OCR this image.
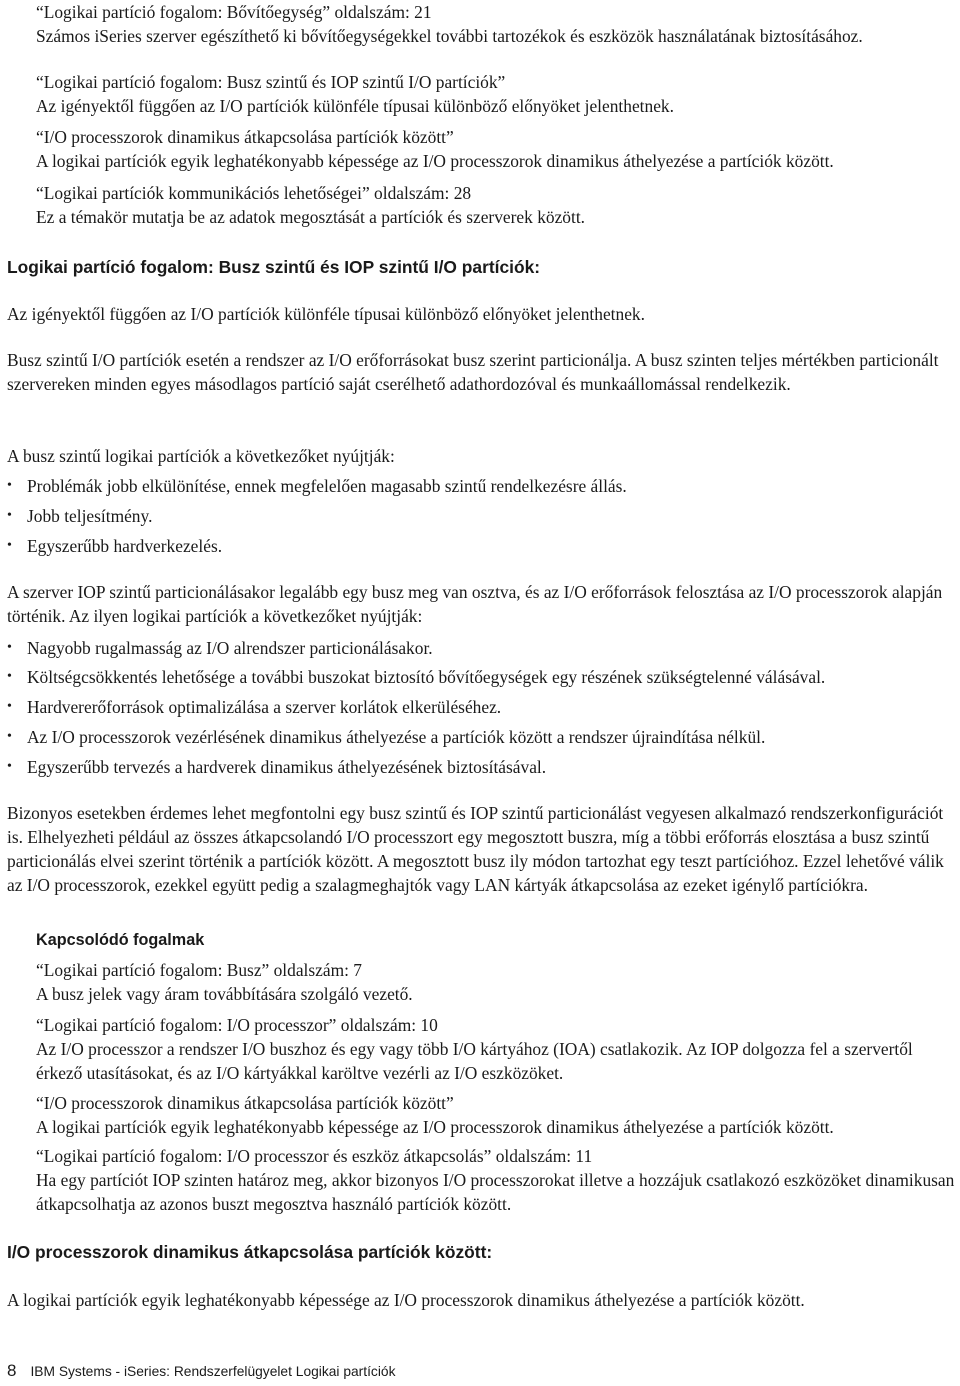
“Logikai partíció fogalom: Bővítőegység” oldalszám: 21
Számos iSeries szerver egészíthető ki bővítőegységekkel további tartozékok és eszközök használatának biztosításához.
“Logikai partíció fogalom: Busz szintű és IOP szintű I/O partíciók”
Az igényektől függően az I/O partíciók különféle típusai különböző előnyöket jelenthetnek.
“I/O processzorok dinamikus átkapcsolása partíciók között”
A logikai partíciók egyik leghatékonyabb képessége az I/O processzorok dinamikus áthelyezése a partíciók között.
“Logikai partíciók kommunikációs lehetőségei” oldalszám: 28
Ez a témakör mutatja be az adatok megosztását a partíciók és szerverek között.
Logikai partíció fogalom: Busz szintű és IOP szintű I/O partíciók:

Az igényektől függően az I/O partíciók különféle típusai különböző előnyöket jelenthetnek.

Busz szintű I/O partíciók esetén a rendszer az I/O erőforrásokat busz szerint particionálja. A busz szinten teljes mértékben particionált szervereken minden egyes másodlagos partíció saját cserélhető adathordozóval és munkaállomással rendelkezik.

A busz szintű logikai partíciók a következőket nyújtják:

• Problémák jobb elkülönítése, ennek megfelelően magasabb szintű rendelkezésre állás.
• Jobb teljesítmény.
• Egyszerűbb hardverkezelés.

A szerver IOP szintű particionálásakor legalább egy busz meg van osztva, és az I/O erőforrások felosztása az I/O processzorok alapján történik. Az ilyen logikai partíciók a következőket nyújtják:

• Nagyobb rugalmasság az I/O alrendszer particionálásakor.
• Költségcsökkentés lehetősége a további buszokat biztosító bővítőegységek egy részének szükségtelenné válásával.
• Hardvererőforrások optimalizálása a szerver korlátok elkerüléséhez.
• Az I/O processzorok vezérlésének dinamikus áthelyezése a partíciók között a rendszer újraindítása nélkül.
• Egyszerűbb tervezés a hardverek dinamikus áthelyezésének biztosításával.

Bizonyos esetekben érdemes lehet megfontolni egy busz szintű és IOP szintű particionálást vegyesen alkalmazó rendszerkonfigurációt is. Elhelyezheti például az összes átkapcsolandó I/O processzort egy megosztott buszra, míg a többi erőforrás elosztása a busz szintű particionálás elvei szerint történik a partíciók között. A megosztott busz ily módon tartozhat egy teszt partícióhoz. Ezzel lehetővé válik az I/O processzorok, ezekkel együtt pedig a szalagmeghajtók vagy LAN kártyák átkapcsolása az ezeket igénylő partíciókra.

Kapcsolódó fogalmak
“Logikai partíció fogalom: Busz” oldalszám: 7
A busz jelek vagy áram továbbítására szolgáló vezető.
“Logikai partíció fogalom: I/O processzor” oldalszám: 10
Az I/O processzor a rendszer I/O buszhoz és egy vagy több I/O kártyához (IOA) csatlakozik. Az IOP dolgozza fel a szervertől érkező utasításokat, és az I/O kártyákkal karöltve vezérli az I/O eszközöket.
“I/O processzorok dinamikus átkapcsolása partíciók között”
A logikai partíciók egyik leghatékonyabb képessége az I/O processzorok dinamikus áthelyezése a partíciók között.
“Logikai partíció fogalom: I/O processzor és eszköz átkapcsolás” oldalszám: 11
Ha egy partíciót IOP szinten határoz meg, akkor bizonyos I/O processzorokat illetve a hozzájuk csatlakozó eszközöket dinamikusan átkapcsolhatja az azonos buszt megosztva használó partíciók között.
I/O processzorok dinamikus átkapcsolása partíciók között:

A logikai partíciók egyik leghatékonyabb képessége az I/O processzorok dinamikus áthelyezése a partíciók között.

8 IBM Systems - iSeries: Rendszerfelügyelet Logikai partíciók
